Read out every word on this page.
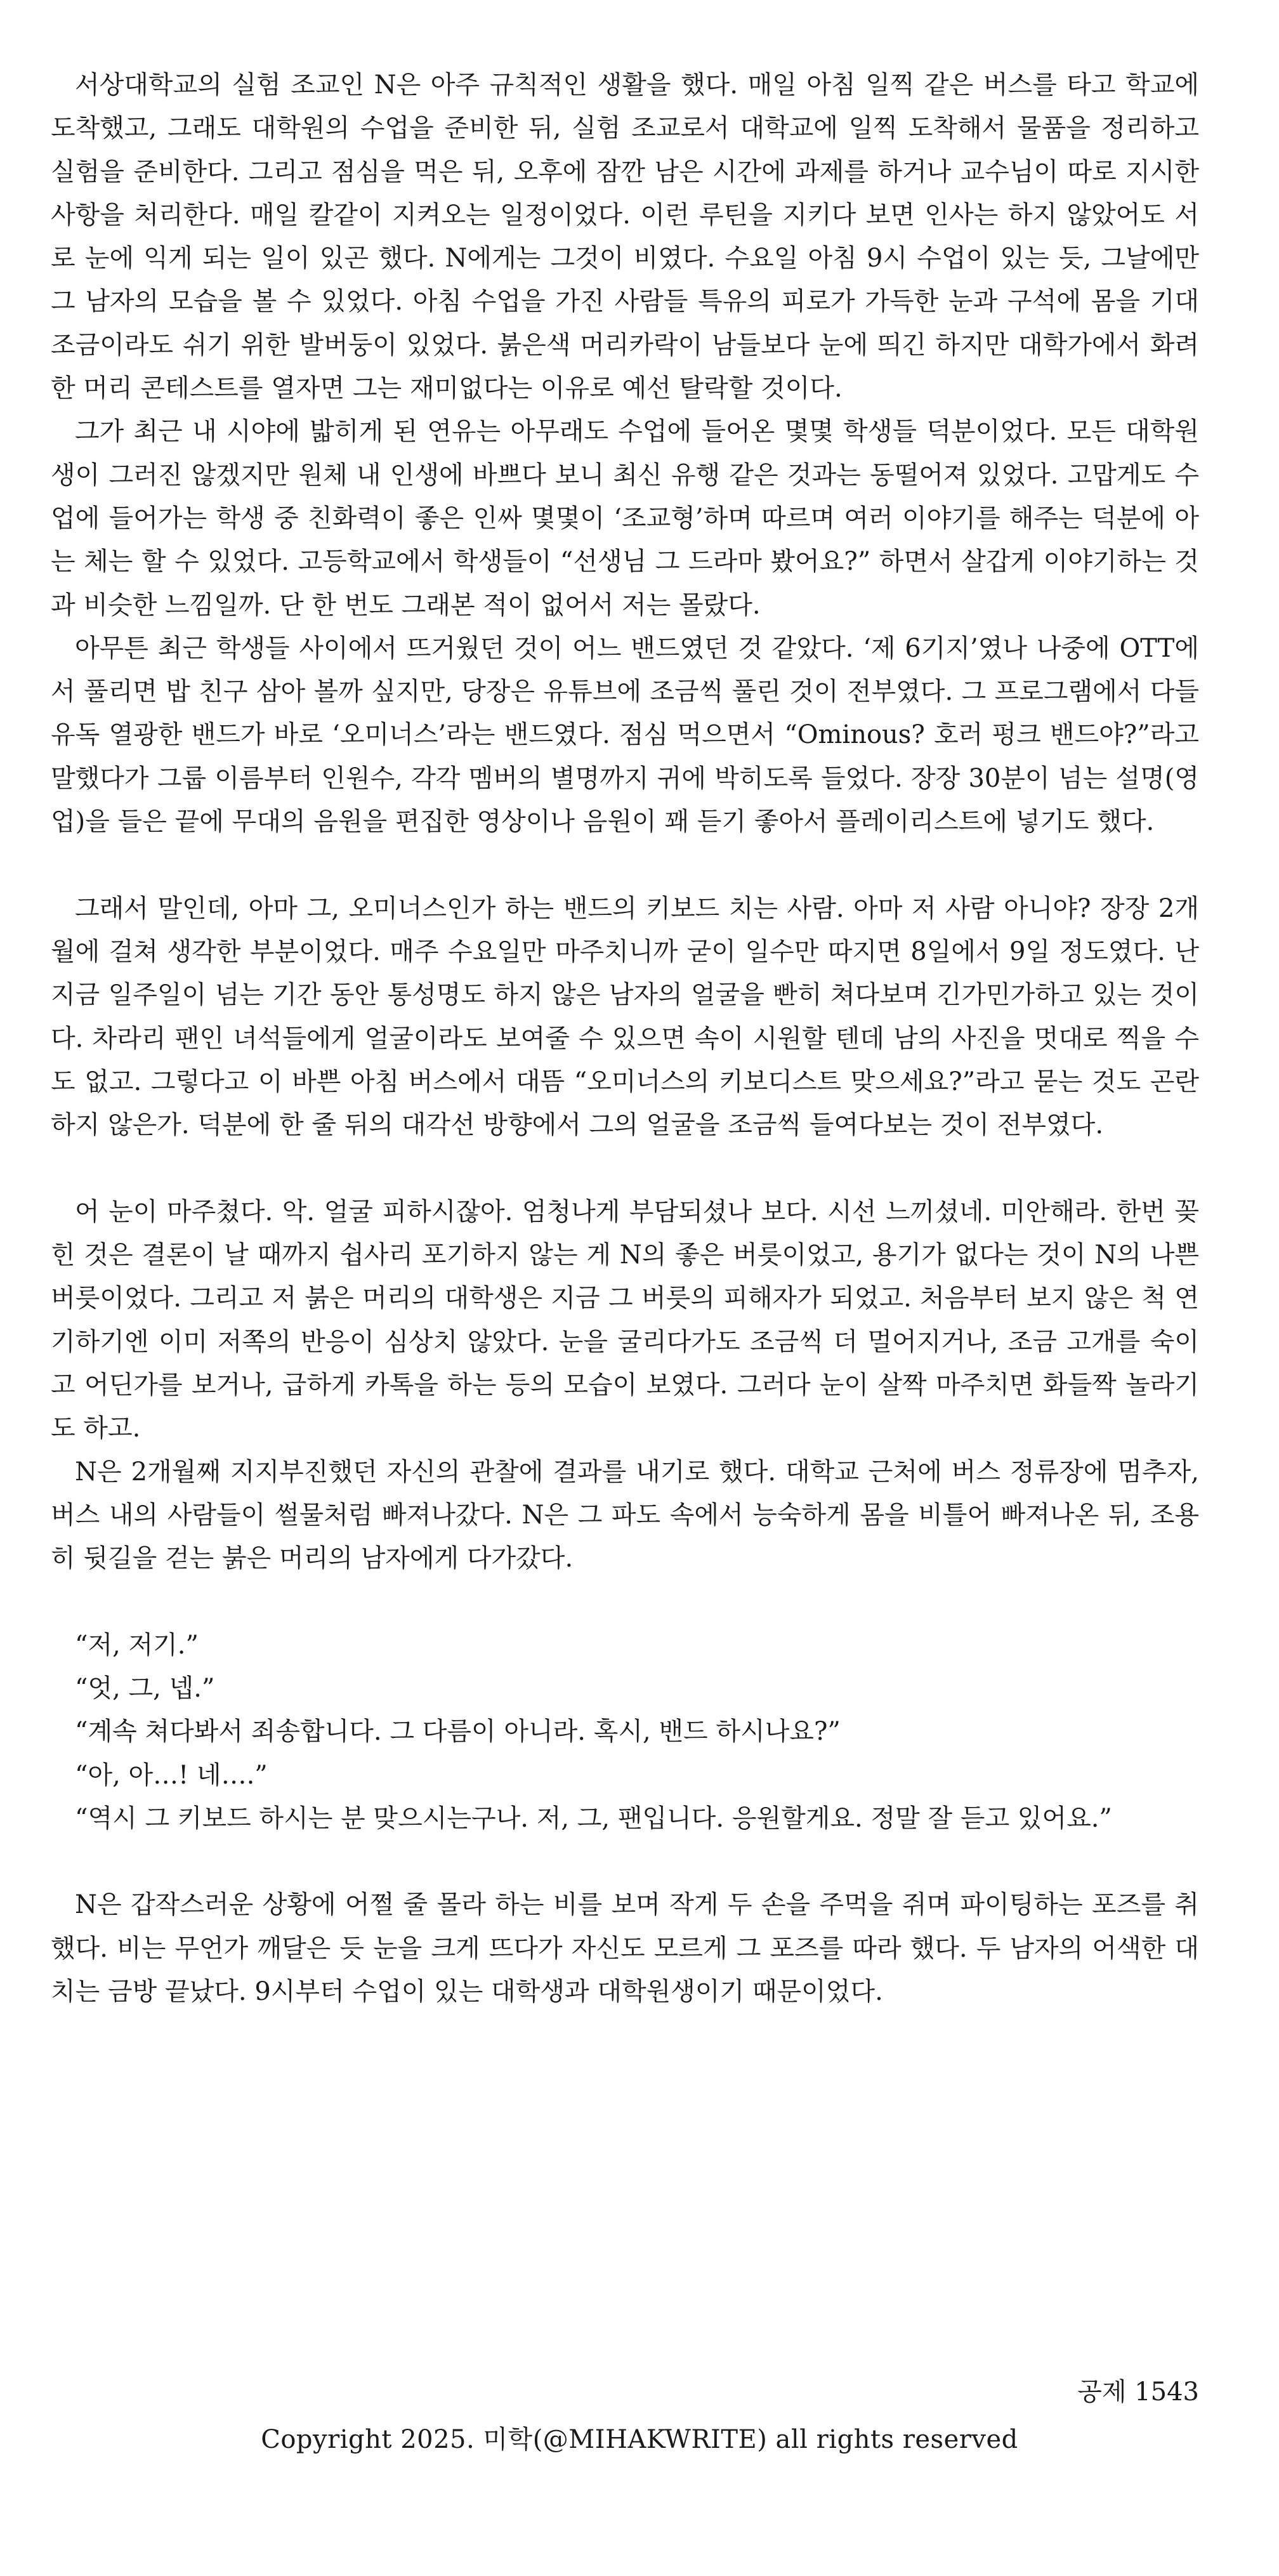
서상대학교의 실험 조교인 N은 아주 규칙적인 생활을 했다. 매일 아침 일찍 같은 버스를 타고 학교에 도착했고, 그래도 대학원의 수업을 준비한 뒤, 실험 조교로서 대학교에 일찍 도착해서 물품을 정리하고 실험을 준비한다. 그리고 점심을 먹은 뒤, 오후에 잠깐 남은 시간에 과제를 하거나 교수님이 따로 지시한 사항을 처리한다. 매일 칼같이 지켜오는 일정이었다. 이런 루틴을 지키다 보면 인사는 하지 않았어도 서로 눈에 익게 되는 일이 있곤 했다. N에게는 그것이 비였다. 수요일 아침 9시 수업이 있는 듯, 그날에만 그 남자의 모습을 볼 수 있었다. 아침 수업을 가진 사람들 특유의 피로가 가득한 눈과 구석에 몸을 기대 조금이라도 쉬기 위한 발버둥이 있었다. 붉은색 머리카락이 남들보다 눈에 띄긴 하지만 대학가에서 화려한 머리 콘테스트를 열자면 그는 재미없다는 이유로 예선 탈락할 것이다.

그가 최근 내 시야에 밟히게 된 연유는 아무래도 수업에 들어온 몇몇 학생들 덕분이었다. 모든 대학원생이 그러진 않겠지만 원체 내 인생에 바쁘다 보니 최신 유행 같은 것과는 동떨어져 있었다. 고맙게도 수업에 들어가는 학생 중 친화력이 좋은 인싸 몇몇이 ‘조교형’하며 따르며 여러 이야기를 해주는 덕분에 아는 체는 할 수 있었다. 고등학교에서 학생들이 “선생님 그 드라마 봤어요?” 하면서 살갑게 이야기하는 것과 비슷한 느낌일까. 단 한 번도 그래본 적이 없어서 저는 몰랐다.

아무튼 최근 학생들 사이에서 뜨거웠던 것이 어느 밴드였던 것 같았다. ‘제 6기지’였나 나중에 OTT에서 풀리면 밥 친구 삼아 볼까 싶지만, 당장은 유튜브에 조금씩 풀린 것이 전부였다. 그 프로그램에서 다들 유독 열광한 밴드가 바로 ‘오미너스’라는 밴드였다. 점심 먹으면서 “Ominous? 호러 펑크 밴드야?”라고 말했다가 그룹 이름부터 인원수, 각각 멤버의 별명까지 귀에 박히도록 들었다. 장장 30분이 넘는 설명(영업)을 들은 끝에 무대의 음원을 편집한 영상이나 음원이 꽤 듣기 좋아서 플레이리스트에 넣기도 했다.

그래서 말인데, 아마 그, 오미너스인가 하는 밴드의 키보드 치는 사람. 아마 저 사람 아니야? 장장 2개월에 걸쳐 생각한 부분이었다. 매주 수요일만 마주치니까 굳이 일수만 따지면 8일에서 9일 정도였다. 난 지금 일주일이 넘는 기간 동안 통성명도 하지 않은 남자의 얼굴을 빤히 쳐다보며 긴가민가하고 있는 것이다. 차라리 팬인 녀석들에게 얼굴이라도 보여줄 수 있으면 속이 시원할 텐데 남의 사진을 멋대로 찍을 수도 없고. 그렇다고 이 바쁜 아침 버스에서 대뜸 “오미너스의 키보디스트 맞으세요?”라고 묻는 것도 곤란하지 않은가. 덕분에 한 줄 뒤의 대각선 방향에서 그의 얼굴을 조금씩 들여다보는 것이 전부였다.

어 눈이 마주쳤다. 악. 얼굴 피하시잖아. 엄청나게 부담되셨나 보다. 시선 느끼셨네. 미안해라. 한번 꽂힌 것은 결론이 날 때까지 쉽사리 포기하지 않는 게 N의 좋은 버릇이었고, 용기가 없다는 것이 N의 나쁜 버릇이었다. 그리고 저 붉은 머리의 대학생은 지금 그 버릇의 피해자가 되었고. 처음부터 보지 않은 척 연기하기엔 이미 저쪽의 반응이 심상치 않았다. 눈을 굴리다가도 조금씩 더 멀어지거나, 조금 고개를 숙이고 어딘가를 보거나, 급하게 카톡을 하는 등의 모습이 보였다. 그러다 눈이 살짝 마주치면 화들짝 놀라기도 하고.

N은 2개월째 지지부진했던 자신의 관찰에 결과를 내기로 했다. 대학교 근처에 버스 정류장에 멈추자, 버스 내의 사람들이 썰물처럼 빠져나갔다. N은 그 파도 속에서 능숙하게 몸을 비틀어 빠져나온 뒤, 조용히 뒷길을 걷는 붉은 머리의 남자에게 다가갔다.

“저, 저기.”

“엇, 그, 넵.”

“계속 쳐다봐서 죄송합니다. 그 다름이 아니라. 혹시, 밴드 하시나요?”

“아, 아…! 네….”

“역시 그 키보드 하시는 분 맞으시는구나. 저, 그, 팬입니다. 응원할게요. 정말 잘 듣고 있어요.”

N은 갑작스러운 상황에 어쩔 줄 몰라 하는 비를 보며 작게 두 손을 주먹을 쥐며 파이팅하는 포즈를 취했다. 비는 무언가 깨달은 듯 눈을 크게 뜨다가 자신도 모르게 그 포즈를 따라 했다. 두 남자의 어색한 대치는 금방 끝났다. 9시부터 수업이 있는 대학생과 대학원생이기 때문이었다.

공제 1543
Copyright 2025. 미학(@MIHAKWRITE) all rights reserved
